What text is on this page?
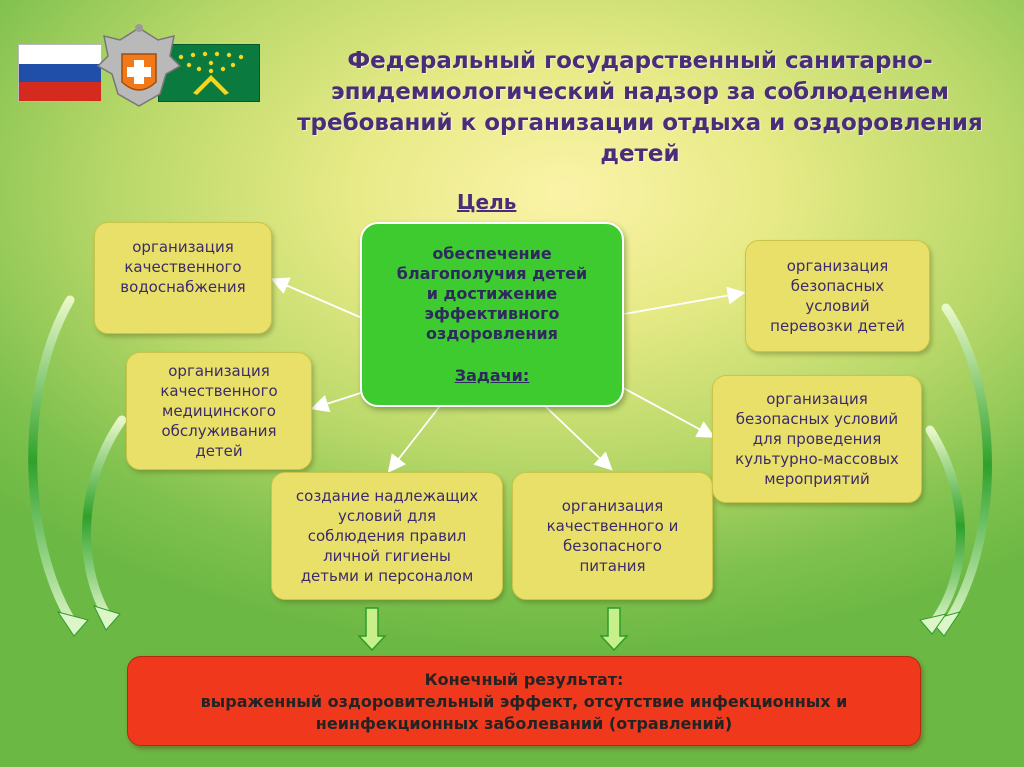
Федеральный государственный санитарно-
эпидемиологический надзор за соблюдением
требований к организации отдыха и оздоровления
детей
Цель
обеспечение
благополучия детей
и достижение
эффективного
оздоровления
Задачи:
организация
качественного
водоснабжения
организация
качественного
медицинского
обслуживания
детей
создание надлежащих
условий для
соблюдения правил
личной гигиены
детьми и персоналом
организация
качественного и
безопасного
питания
организация
безопасных
условий
перевозки детей
организация
безопасных условий
для проведения
культурно-массовых
мероприятий
Конечный результат:
выраженный оздоровительный эффект, отсутствие инфекционных и
неинфекционных заболеваний (отравлений)
